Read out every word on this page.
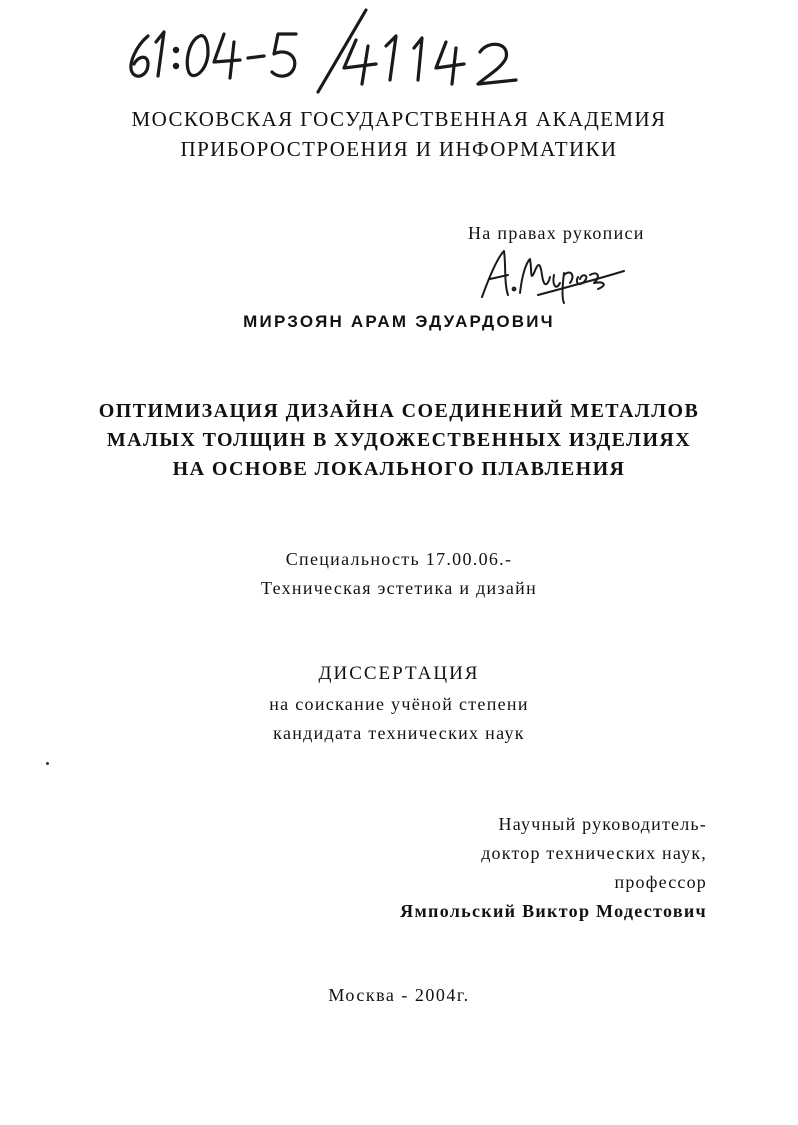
МОСКОВСКАЯ ГОСУДАРСТВЕННАЯ АКАДЕМИЯ
ПРИБОРОСТРОЕНИЯ И ИНФОРМАТИКИ
На правах рукописи
МИРЗОЯН АРАМ ЭДУАРДОВИЧ
ОПТИМИЗАЦИЯ ДИЗАЙНА СОЕДИНЕНИЙ МЕТАЛЛОВ
МАЛЫХ ТОЛЩИН В ХУДОЖЕСТВЕННЫХ ИЗДЕЛИЯХ
НА ОСНОВЕ ЛОКАЛЬНОГО ПЛАВЛЕНИЯ
Специальность 17.00.06.-
Техническая эстетика и дизайн
ДИССЕРТАЦИЯ
на соискание учёной степени
кандидата технических наук
Научный руководитель-
доктор технических наук,
профессор
Ямпольский Виктор Модестович
Москва - 2004г.
